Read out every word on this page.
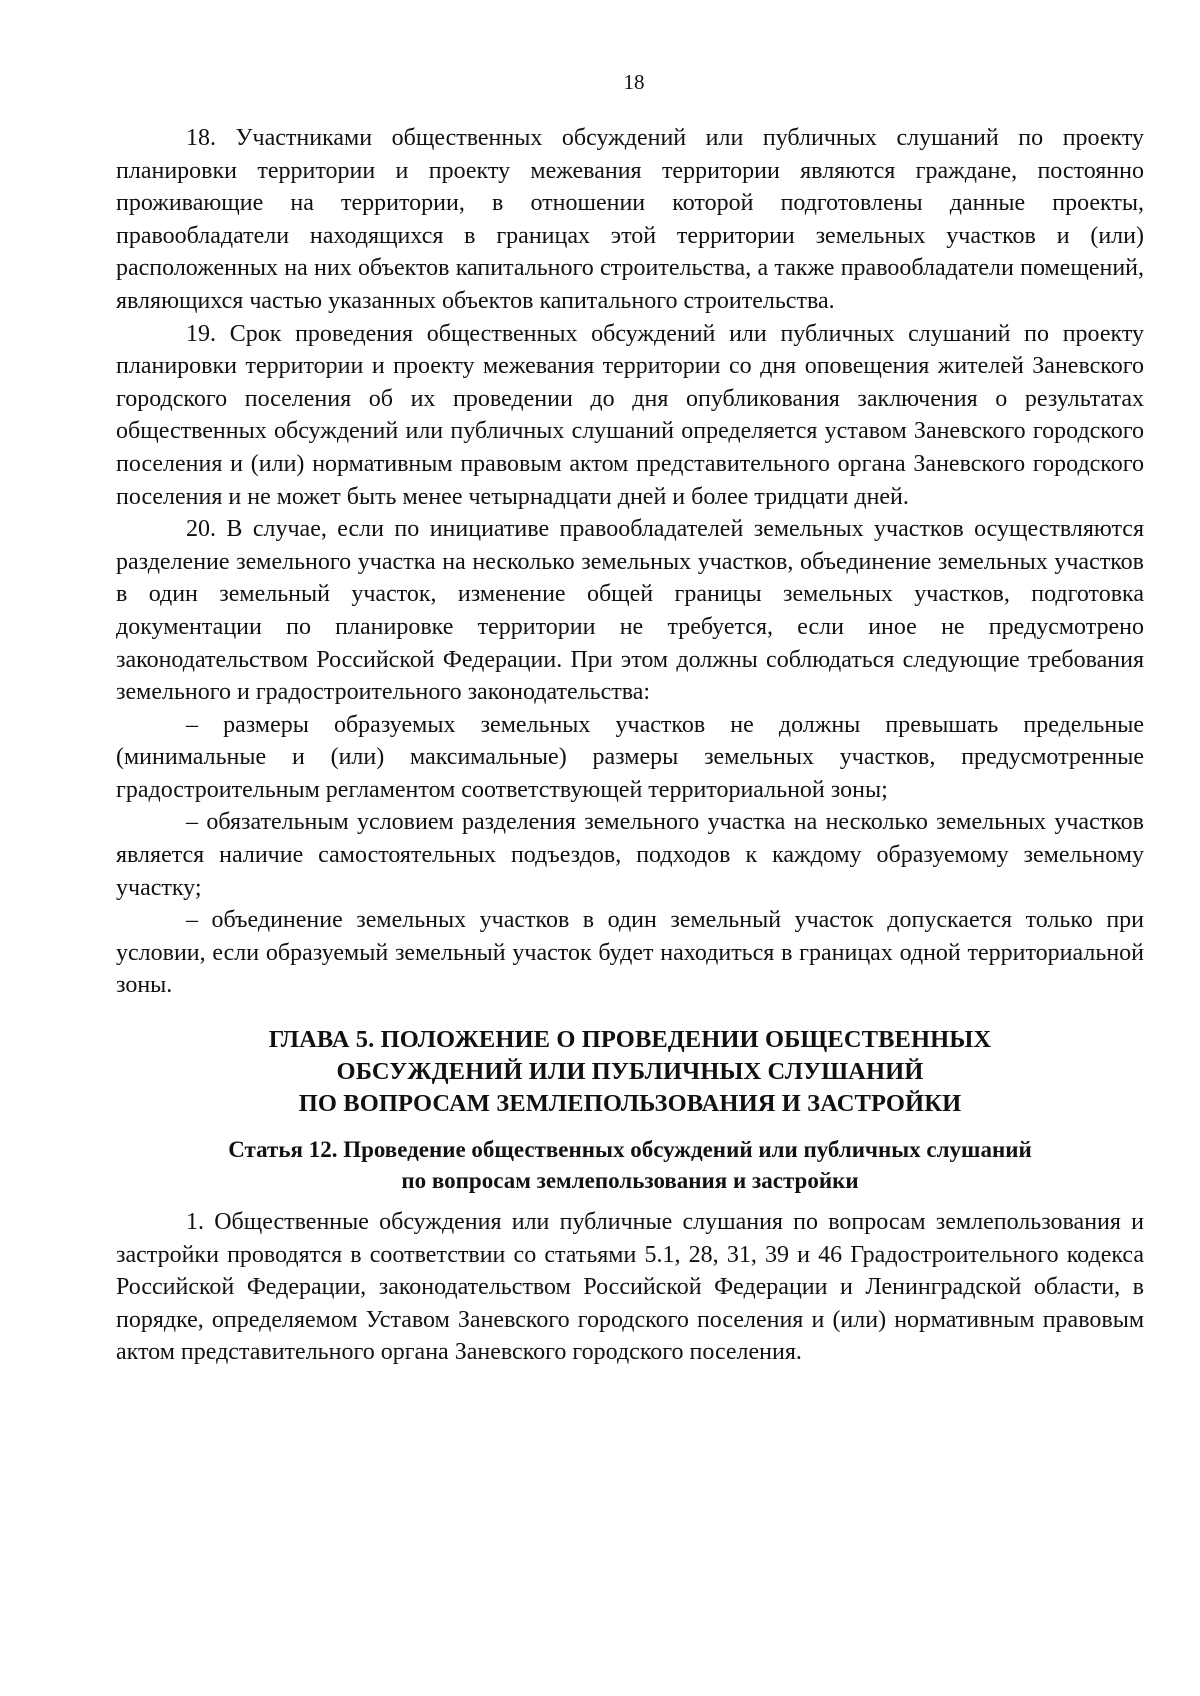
18

18. Участниками общественных обсуждений или публичных слушаний по проекту планировки территории и проекту межевания территории являются граждане, постоянно проживающие на территории, в отношении которой подготовлены данные проекты, правообладатели находящихся в границах этой территории земельных участков и (или) расположенных на них объектов капитального строительства, а также правообладатели помещений, являющихся частью указанных объектов капитального строительства.

19. Срок проведения общественных обсуждений или публичных слушаний по проекту планировки территории и проекту межевания территории со дня оповещения жителей Заневского городского поселения об их проведении до дня опубликования заключения о результатах общественных обсуждений или публичных слушаний определяется уставом Заневского городского поселения и (или) нормативным правовым актом представительного органа Заневского городского поселения и не может быть менее четырнадцати дней и более тридцати дней.

20. В случае, если по инициативе правообладателей земельных участков осуществляются разделение земельного участка на несколько земельных участков, объединение земельных участков в один земельный участок, изменение общей границы земельных участков, подготовка документации по планировке территории не требуется, если иное не предусмотрено законодательством Российской Федерации. При этом должны соблюдаться следующие требования земельного и градостроительного законодательства:

– размеры образуемых земельных участков не должны превышать предельные (минимальные и (или) максимальные) размеры земельных участков, предусмотренные градостроительным регламентом соответствующей территориальной зоны;

– обязательным условием разделения земельного участка на несколько земельных участков является наличие самостоятельных подъездов, подходов к каждому образуемому земельному участку;

– объединение земельных участков в один земельный участок допускается только при условии, если образуемый земельный участок будет находиться в границах одной территориальной зоны.

ГЛАВА 5. ПОЛОЖЕНИЕ О ПРОВЕДЕНИИ ОБЩЕСТВЕННЫХ
ОБСУЖДЕНИЙ ИЛИ ПУБЛИЧНЫХ СЛУШАНИЙ
ПО ВОПРОСАМ ЗЕМЛЕПОЛЬЗОВАНИЯ И ЗАСТРОЙКИ
Статья 12. Проведение общественных обсуждений или публичных слушаний
по вопросам землепользования и застройки

1. Общественные обсуждения или публичные слушания по вопросам землепользования и застройки проводятся в соответствии со статьями 5.1, 28, 31, 39 и 46 Градостроительного кодекса Российской Федерации, законодательством Российской Федерации и Ленинградской области, в порядке, определяемом Уставом Заневского городского поселения и (или) нормативным правовым актом представительного органа Заневского городского поселения.
